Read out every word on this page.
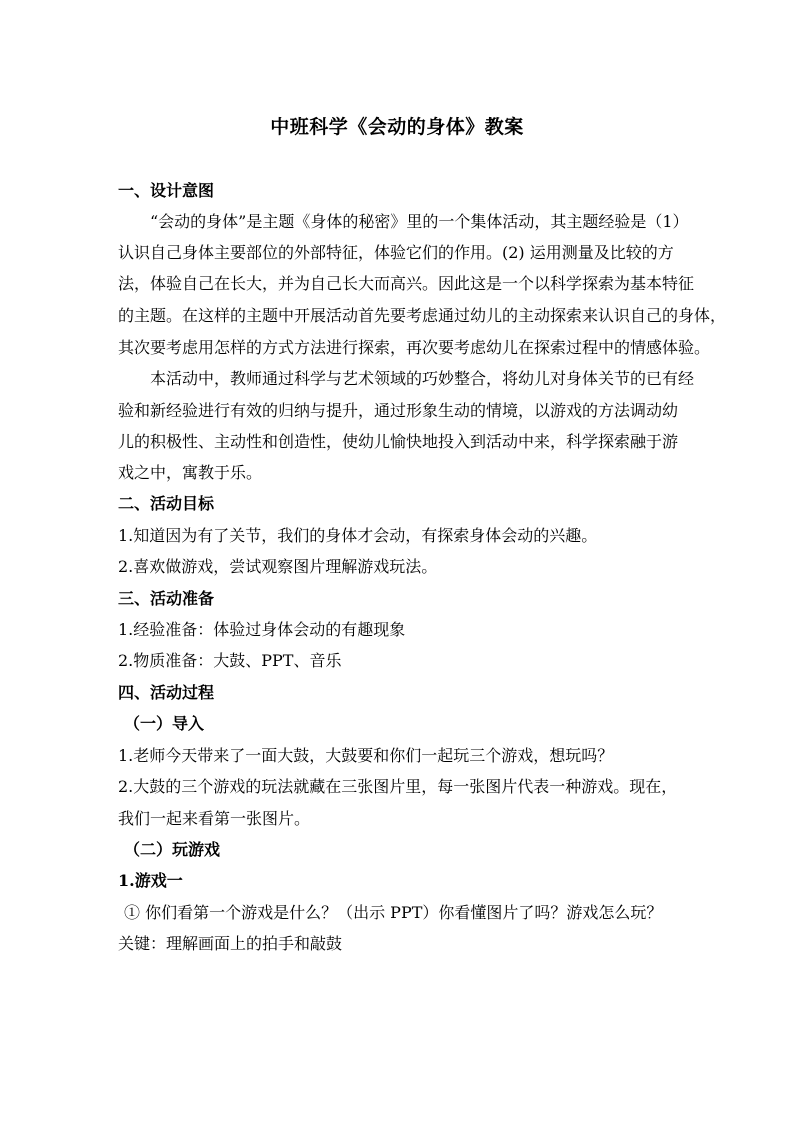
中班科学《会动的身体》教案
一、设计意图
“会动的身体”是主题《身体的秘密》里的一个集体活动，其主题经验是（1）
认识自己身体主要部位的外部特征，体验它们的作用。(2) 运用测量及比较的方
法，体验自己在长大，并为自己长大而高兴。因此这是一个以科学探索为基本特征
的主题。在这样的主题中开展活动首先要考虑通过幼儿的主动探索来认识自己的身体，
其次要考虑用怎样的方式方法进行探索，再次要考虑幼儿在探索过程中的情感体验。
本活动中，教师通过科学与艺术领域的巧妙整合，将幼儿对身体关节的已有经
验和新经验进行有效的归纳与提升，通过形象生动的情境，以游戏的方法调动幼
儿的积极性、主动性和创造性，使幼儿愉快地投入到活动中来，科学探索融于游
戏之中，寓教于乐。
二、活动目标
1.知道因为有了关节，我们的身体才会动，有探索身体会动的兴趣。
2.喜欢做游戏，尝试观察图片理解游戏玩法。
三、活动准备
1.经验准备：体验过身体会动的有趣现象
2.物质准备：大鼓、PPT、音乐
四、活动过程
（一）导入
1.老师今天带来了一面大鼓，大鼓要和你们一起玩三个游戏，想玩吗？
2.大鼓的三个游戏的玩法就藏在三张图片里，每一张图片代表一种游戏。现在，
我们一起来看第一张图片。
（二）玩游戏
1.游戏一
① 你们看第一个游戏是什么？（出示 PPT）你看懂图片了吗？游戏怎么玩？
关键：理解画面上的拍手和敲鼓
